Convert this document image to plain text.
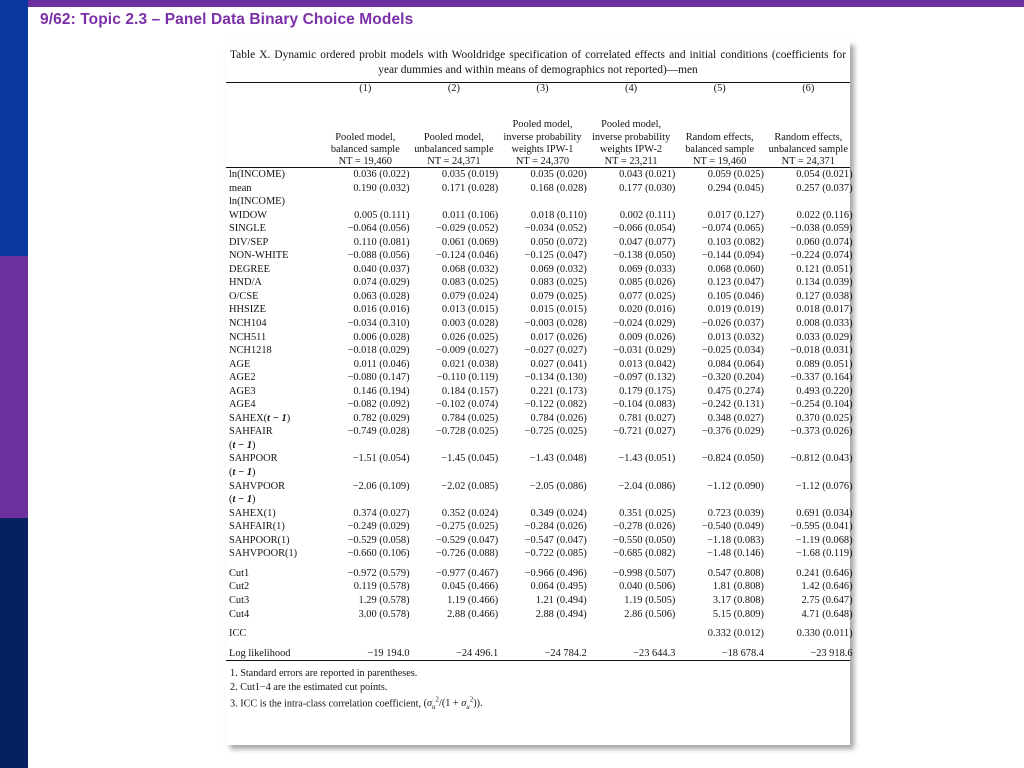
9/62: Topic 2.3 – Panel Data Binary Choice Models
Table X. Dynamic ordered probit models with Wooldridge specification of correlated effects and initial conditions (coefficients for year dummies and within means of demographics not reported)—men
	(1)	(2)	(3)	(4)	(5)	(6)
	Pooled model, balanced sample	Pooled model, unbalanced sample	Pooled model, inverse probability weights IPW-1	Pooled model, inverse probability weights IPW-2	Random effects, balanced sample	Random effects, unbalanced sample
	NT = 19,460	NT = 24,371	NT = 24,370	NT = 23,211	NT = 19,460	NT = 24,371
ln(INCOME)	0.036 (0.022)	0.035 (0.019)	0.035 (0.020)	0.043 (0.021)	0.059 (0.025)	0.054 (0.021)
mean	0.190 (0.032)	0.171 (0.028)	0.168 (0.028)	0.177 (0.030)	0.294 (0.045)	0.257 (0.037)
ln(INCOME)						
WIDOW	0.005 (0.111)	0.011 (0.106)	0.018 (0.110)	0.002 (0.111)	0.017 (0.127)	0.022 (0.116)
SINGLE	−0.064 (0.056)	−0.029 (0.052)	−0.034 (0.052)	−0.066 (0.054)	−0.074 (0.065)	−0.038 (0.059)
DIV/SEP	0.110 (0.081)	0.061 (0.069)	0.050 (0.072)	0.047 (0.077)	0.103 (0.082)	0.060 (0.074)
NON-WHITE	−0.088 (0.056)	−0.124 (0.046)	−0.125 (0.047)	−0.138 (0.050)	−0.144 (0.094)	−0.224 (0.074)
DEGREE	0.040 (0.037)	0.068 (0.032)	0.069 (0.032)	0.069 (0.033)	0.068 (0.060)	0.121 (0.051)
HND/A	0.074 (0.029)	0.083 (0.025)	0.083 (0.025)	0.085 (0.026)	0.123 (0.047)	0.134 (0.039)
O/CSE	0.063 (0.028)	0.079 (0.024)	0.079 (0.025)	0.077 (0.025)	0.105 (0.046)	0.127 (0.038)
HHSIZE	0.016 (0.016)	0.013 (0.015)	0.015 (0.015)	0.020 (0.016)	0.019 (0.019)	0.018 (0.017)
NCH104	−0.034 (0.310)	0.003 (0.028)	−0.003 (0.028)	−0.024 (0.029)	−0.026 (0.037)	0.008 (0.033)
NCH511	0.006 (0.028)	0.026 (0.025)	0.017 (0.026)	0.009 (0.026)	0.013 (0.032)	0.033 (0.029)
NCH1218	−0.018 (0.029)	−0.009 (0.027)	−0.027 (0.027)	−0.031 (0.029)	−0.025 (0.034)	−0.018 (0.031)
AGE	0.011 (0.046)	0.021 (0.038)	0.027 (0.041)	0.013 (0.042)	0.084 (0.064)	0.089 (0.051)
AGE2	−0.080 (0.147)	−0.110 (0.119)	−0.134 (0.130)	−0.097 (0.132)	−0.320 (0.204)	−0.337 (0.164)
AGE3	0.146 (0.194)	0.184 (0.157)	0.221 (0.173)	0.179 (0.175)	0.475 (0.274)	0.493 (0.220)
AGE4	−0.082 (0.092)	−0.102 (0.074)	−0.122 (0.082)	−0.104 (0.083)	−0.242 (0.131)	−0.254 (0.104)
SAHEX(t − 1)	0.782 (0.029)	0.784 (0.025)	0.784 (0.026)	0.781 (0.027)	0.348 (0.027)	0.370 (0.025)
SAHFAIR	−0.749 (0.028)	−0.728 (0.025)	−0.725 (0.025)	−0.721 (0.027)	−0.376 (0.029)	−0.373 (0.026)
(t − 1)						
SAHPOOR	−1.51 (0.054)	−1.45 (0.045)	−1.43 (0.048)	−1.43 (0.051)	−0.824 (0.050)	−0.812 (0.043)
(t − 1)						
SAHVPOOR	−2.06 (0.109)	−2.02 (0.085)	−2.05 (0.086)	−2.04 (0.086)	−1.12 (0.090)	−1.12 (0.076)
(t − 1)						
SAHEX(1)	0.374 (0.027)	0.352 (0.024)	0.349 (0.024)	0.351 (0.025)	0.723 (0.039)	0.691 (0.034)
SAHFAIR(1)	−0.249 (0.029)	−0.275 (0.025)	−0.284 (0.026)	−0.278 (0.026)	−0.540 (0.049)	−0.595 (0.041)
SAHPOOR(1)	−0.529 (0.058)	−0.529 (0.047)	−0.547 (0.047)	−0.550 (0.050)	−1.18 (0.083)	−1.19 (0.068)
SAHVPOOR(1)	−0.660 (0.106)	−0.726 (0.088)	−0.722 (0.085)	−0.685 (0.082)	−1.48 (0.146)	−1.68 (0.119)

Cut1	−0.972 (0.579)	−0.977 (0.467)	−0.966 (0.496)	−0.998 (0.507)	0.547 (0.808)	0.241 (0.646)
Cut2	0.119 (0.578)	0.045 (0.466)	0.064 (0.495)	0.040 (0.506)	1.81 (0.808)	1.42 (0.646)
Cut3	1.29 (0.578)	1.19 (0.466)	1.21 (0.494)	1.19 (0.505)	3.17 (0.808)	2.75 (0.647)
Cut4	3.00 (0.578)	2.88 (0.466)	2.88 (0.494)	2.86 (0.506)	5.15 (0.809)	4.71 (0.648)

ICC					0.332 (0.012)	0.330 (0.011)

Log likelihood	−19 194.0	−24 496.1	−24 784.2	−23 644.3	−18 678.4	−23 918.6
1. Standard errors are reported in parentheses.
2. Cut1−4 are the estimated cut points.
3. ICC is the intra-class correlation coefficient, $(\sigma_u^2/(1 + \sigma_u^2))$.
